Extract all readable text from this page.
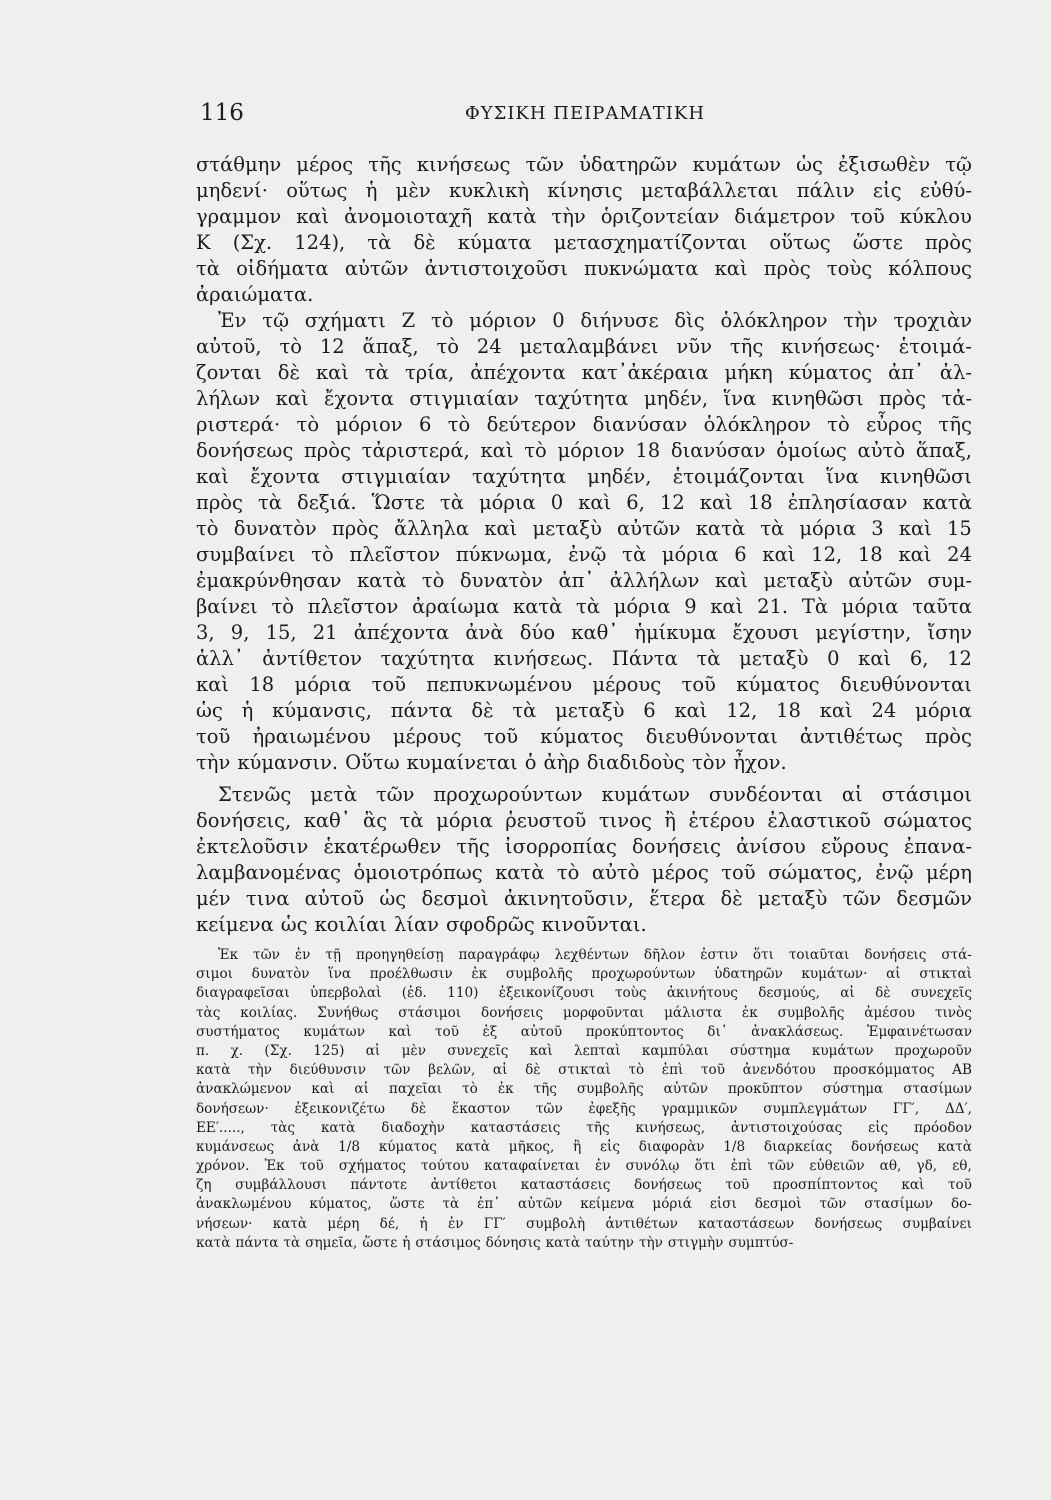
116	ΦΥΣΙΚΗ ΠΕΙΡΑΜΑΤΙΚΗ
στάθμην μέρος τῆς κινήσεως τῶν ὑδατηρῶν κυμάτων ὡς ἐξισωθὲν τῷ
μηδενί· οὕτως ἡ μὲν κυκλικὴ κίνησις μεταβάλλεται πάλιν εἰς εὐθύ-
γραμμον καὶ ἀνομοιοταχῆ κατὰ τὴν ὁριζοντείαν διάμετρον τοῦ κύκλου
Κ (Σχ. 124), τὰ δὲ κύματα μετασχηματίζονται οὕτως ὥστε πρὸς
τὰ οἰδήματα αὐτῶν ἀντιστοιχοῦσι πυκνώματα καὶ πρὸς τοὺς κόλπους
ἀραιώματα.
Ἐν τῷ σχήματι Ζ τὸ μόριον 0 διήνυσε δὶς ὁλόκληρον τὴν τροχιὰν
αὐτοῦ, τὸ 12 ἅπαξ, τὸ 24 μεταλαμβάνει νῦν τῆς κινήσεως· ἑτοιμά-
ζονται δὲ καὶ τὰ τρία, ἀπέχοντα κατ᾽ἀκέραια μήκη κύματος ἀπ᾽ ἀλ-
λήλων καὶ ἔχοντα στιγμιαίαν ταχύτητα μηδέν, ἵνα κινηθῶσι πρὸς τἀ-
ριστερά· τὸ μόριον 6 τὸ δεύτερον διανύσαν ὁλόκληρον τὸ εὖρος τῆς
δονήσεως πρὸς τἀριστερά, καὶ τὸ μόριον 18 διανύσαν ὁμοίως αὐτὸ ἅπαξ,
καὶ ἔχοντα στιγμιαίαν ταχύτητα μηδέν, ἑτοιμάζονται ἵνα κινηθῶσι
πρὸς τὰ δεξιά. Ὥστε τὰ μόρια 0 καὶ 6, 12 καὶ 18 ἐπλησίασαν κατὰ
τὸ δυνατὸν πρὸς ἄλληλα καὶ μεταξὺ αὐτῶν κατὰ τὰ μόρια 3 καὶ 15
συμβαίνει τὸ πλεῖστον πύκνωμα, ἐνῷ τὰ μόρια 6 καὶ 12, 18 καὶ 24
ἐμακρύνθησαν κατὰ τὸ δυνατὸν ἀπ᾽ ἀλλήλων καὶ μεταξὺ αὐτῶν συμ-
βαίνει τὸ πλεῖστον ἀραίωμα κατὰ τὰ μόρια 9 καὶ 21. Τὰ μόρια ταῦτα
3, 9, 15, 21 ἀπέχοντα ἀνὰ δύο καθ᾽ ἡμίκυμα ἔχουσι μεγίστην, ἴσην
ἀλλ᾽ ἀντίθετον ταχύτητα κινήσεως. Πάντα τὰ μεταξὺ 0 καὶ 6, 12
καὶ 18 μόρια τοῦ πεπυκνωμένου μέρους τοῦ κύματος διευθύνονται
ὡς ἡ κύμανσις, πάντα δὲ τὰ μεταξὺ 6 καὶ 12, 18 καὶ 24 μόρια
τοῦ ἠραιωμένου μέρους τοῦ κύματος διευθύνονται ἀντιθέτως πρὸς
τὴν κύμανσιν. Οὕτω κυμαίνεται ὁ ἀὴρ διαδιδοὺς τὸν ἦχον.
Στενῶς μετὰ τῶν προχωρούντων κυμάτων συνδέονται αἱ στάσιμοι
δονήσεις, καθ᾽ ἃς τὰ μόρια ῥευστοῦ τινος ἢ ἑτέρου ἐλαστικοῦ σώματος
ἐκτελοῦσιν ἑκατέρωθεν τῆς ἰσορροπίας δονήσεις ἀνίσου εὔρους ἐπανα-
λαμβανομένας ὁμοιοτρόπως κατὰ τὸ αὐτὸ μέρος τοῦ σώματος, ἐνῷ μέρη
μέν τινα αὐτοῦ ὡς δεσμοὶ ἀκινητοῦσιν, ἕτερα δὲ μεταξὺ τῶν δεσμῶν
κείμενα ὡς κοιλίαι λίαν σφοδρῶς κινοῦνται.
Ἐκ τῶν ἐν τῇ προηγηθείσῃ παραγράφῳ λεχθέντων δῆλον ἐστιν ὅτι τοιαῦται δονήσεις στά-
σιμοι δυνατὸν ἵνα προέλθωσιν ἐκ συμβολῆς προχωρούντων ὑδατηρῶν κυμάτων· αἱ στικταὶ
διαγραφεῖσαι ὑπερβολαὶ (ἐδ. 110) ἐξεικονίζουσι τοὺς ἀκινήτους δεσμούς, αἱ δὲ συνεχεῖς
τὰς κοιλίας. Συνήθως στάσιμοι δονήσεις μορφοῦνται μάλιστα ἐκ συμβολῆς ἀμέσου τινὸς
συστήματος κυμάτων καὶ τοῦ ἐξ αὐτοῦ προκύπτοντος δι᾽ ἀνακλάσεως. Ἐμφαινέτωσαν
π. χ. (Σχ. 125) αἱ μὲν συνεχεῖς καὶ λεπταὶ καμπύλαι σύστημα κυμάτων προχωροῦν
κατὰ τὴν διεύθυνσιν τῶν βελῶν, αἱ δὲ στικταὶ τὸ ἐπὶ τοῦ ἀνενδότου προσκόμματος ΑΒ
ἀνακλώμενον καὶ αἱ παχεῖαι τὸ ἐκ τῆς συμβολῆς αὐτῶν προκῦπτον σύστημα στασίμων
δονήσεων· ἐξεικονιζέτω δὲ ἕκαστον τῶν ἐφεξῆς γραμμικῶν συμπλεγμάτων ΓΓ′, ΔΔ′,
ΕΕ′....., τὰς κατὰ διαδοχὴν καταστάσεις τῆς κινήσεως, ἀντιστοιχούσας εἰς πρόοδον
κυμάνσεως ἀνὰ 1/8 κύματος κατὰ μῆκος, ἢ εἰς διαφορὰν 1/8 διαρκείας δονήσεως κατὰ
χρόνον. Ἐκ τοῦ σχήματος τούτου καταφαίνεται ἐν συνόλῳ ὅτι ἐπὶ τῶν εὐθειῶν αθ, γδ, εθ,
ζη συμβάλλουσι πάντοτε ἀντίθετοι καταστάσεις δονήσεως τοῦ προσπίπτοντος καὶ τοῦ
ἀνακλωμένου κύματος, ὥστε τὰ ἐπ᾽ αὐτῶν κείμενα μόριά εἰσι δεσμοὶ τῶν στασίμων δο-
νήσεων· κατὰ μέρη δέ, ἡ ἐν ΓΓ′ συμβολὴ ἀντιθέτων καταστάσεων δονήσεως συμβαίνει
κατὰ πάντα τὰ σημεῖα, ὥστε ἡ στάσιμος δόνησις κατὰ ταύτην τὴν στιγμὴν συμπτύσ-
